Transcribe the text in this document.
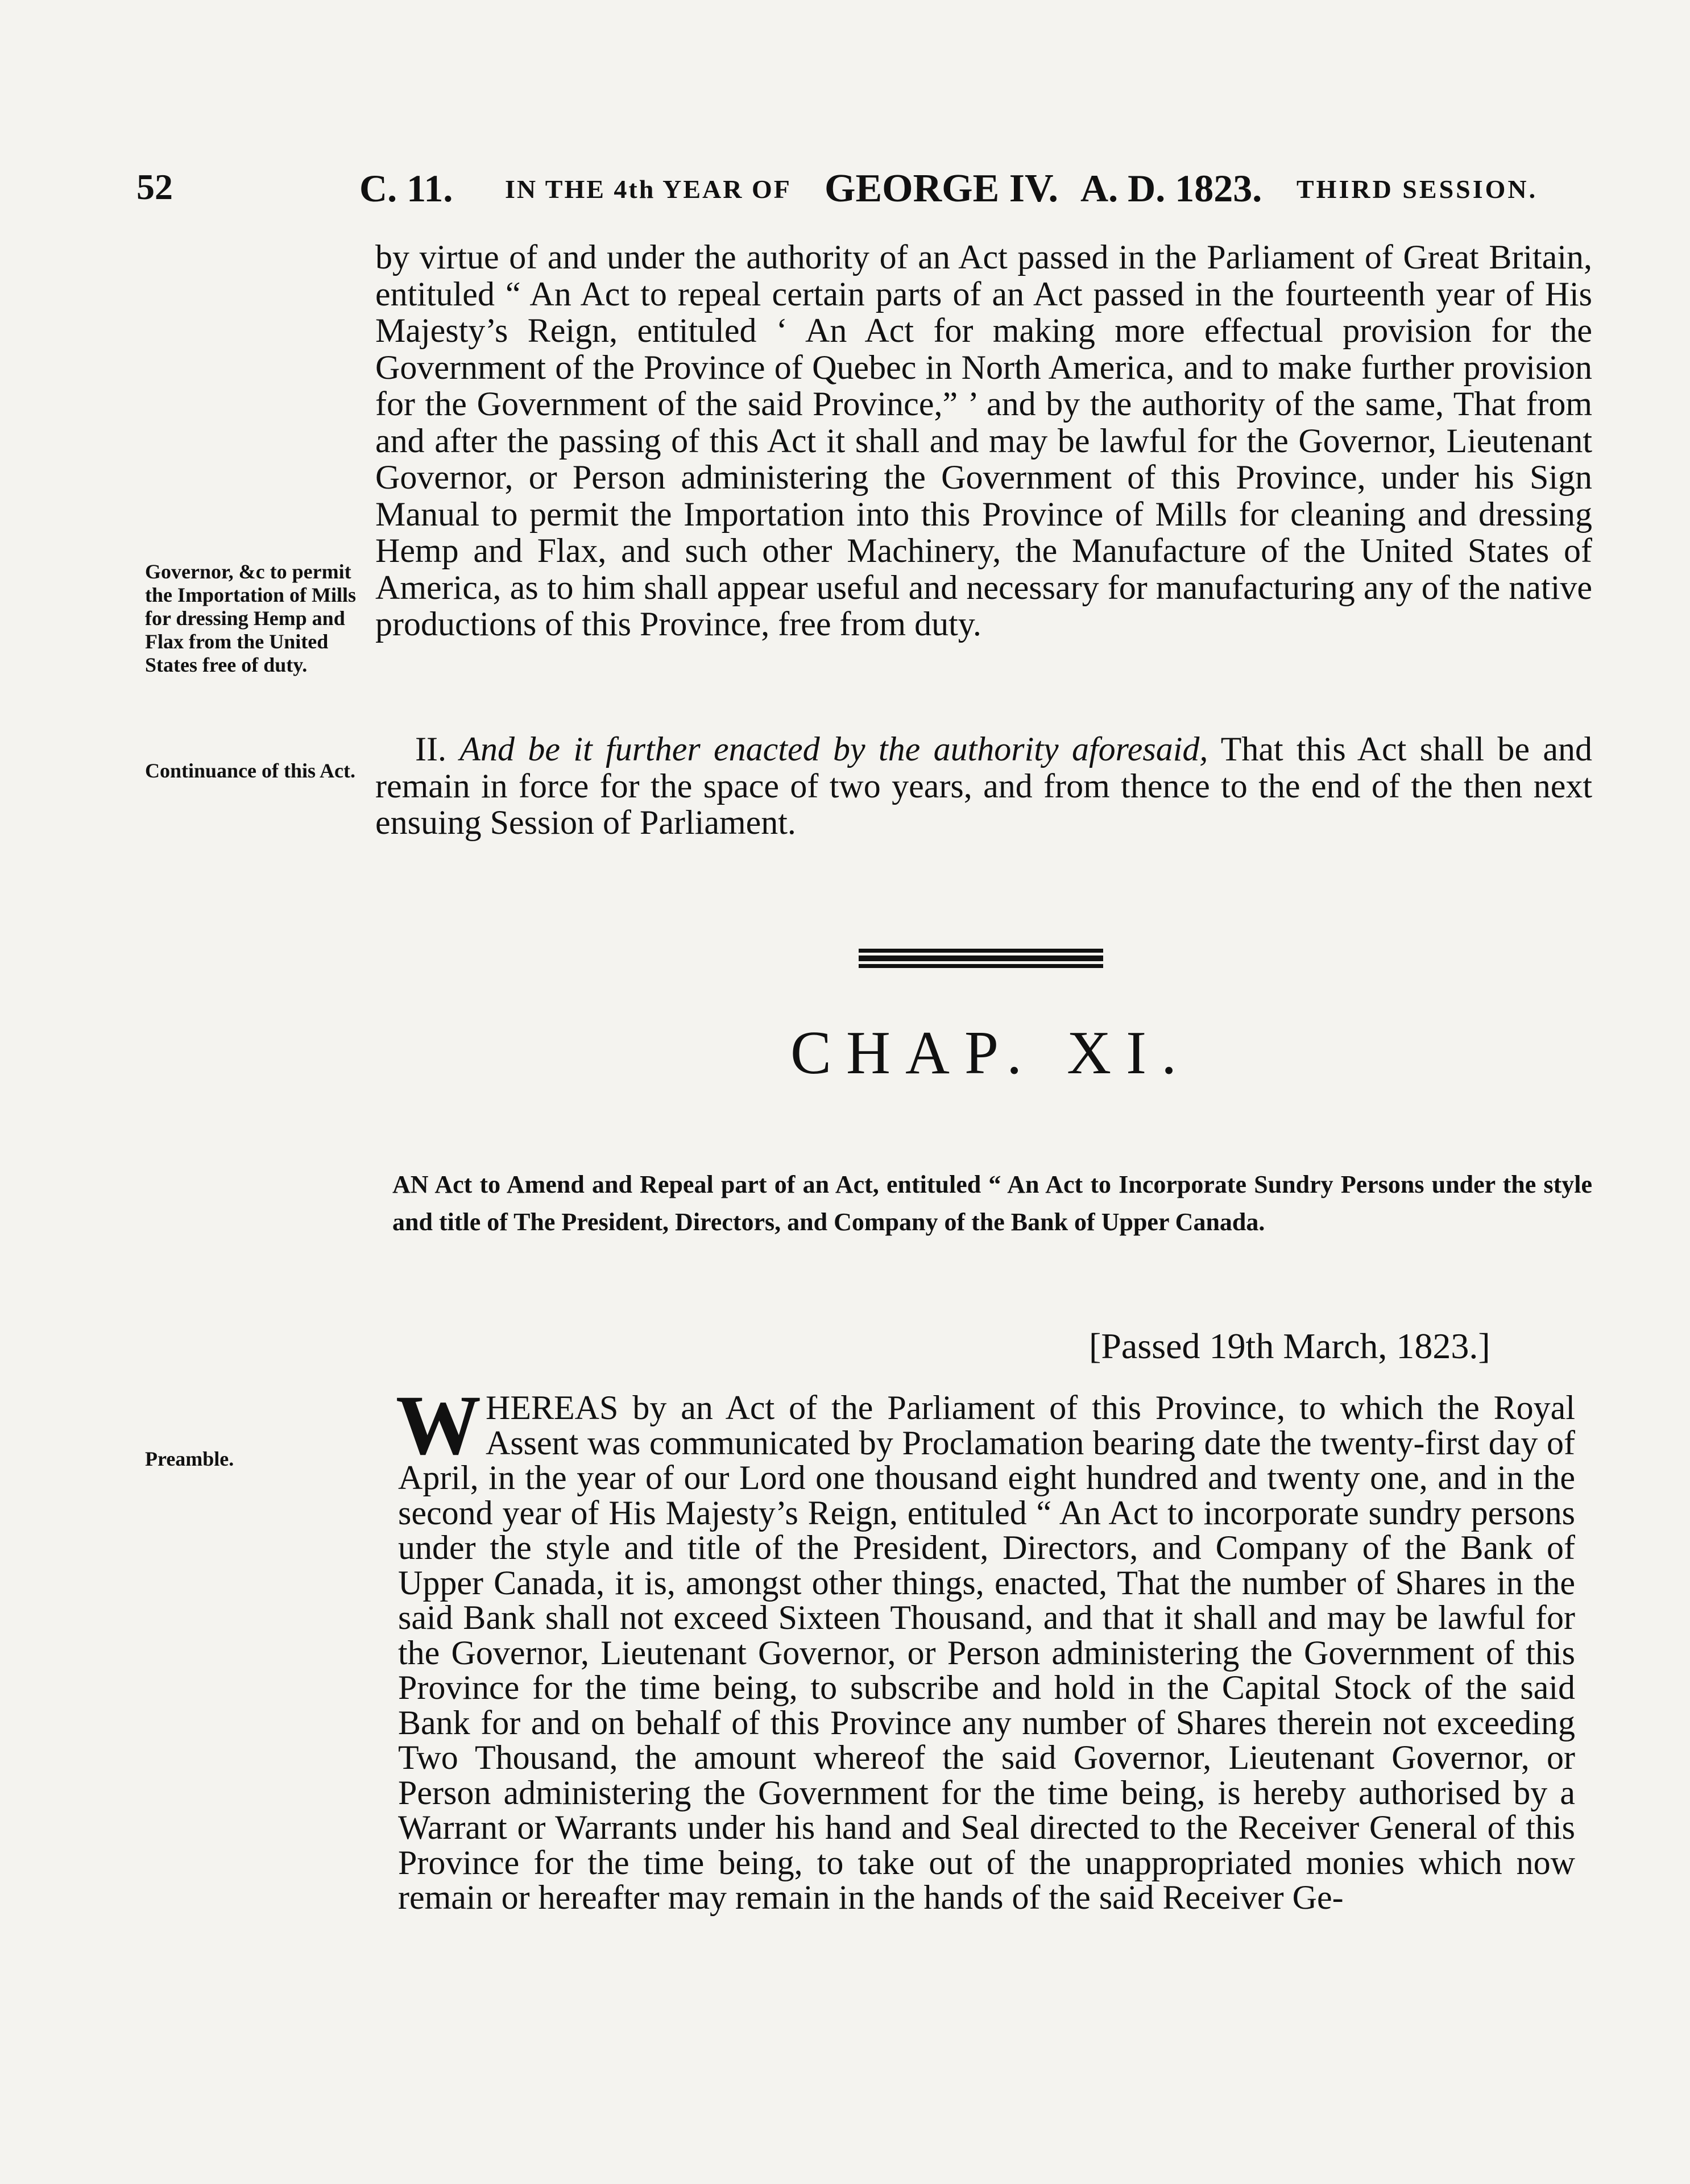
52	C. 11. IN THE 4th YEAR OF GEORGE IV. A. D. 1823. THIRD SESSION.

by virtue of and under the authority of an Act passed in the Parliament of Great Britain, entituled “ An Act to repeal certain parts of an Act passed in the fourteenth year of His Majesty’s Reign, entituled ‘ An Act for making more effectual provision for the Government of the Province of Quebec in North America, and to make further provision for the Government of the said Province,” ’ and by the authority of the same, That from and after the passing of this Act it shall and may be lawful for the Governor, Lieutenant Governor, or Person administering the Government of this Province, under his Sign Manual to permit the Importation into this Province of Mills for cleaning and dressing Hemp and Flax, and such other Machinery, the Manufacture of the United States of America, as to him shall appear useful and necessary for manufacturing any of the native productions of this Province, free from duty.

II. And be it further enacted by the authority aforesaid, That this Act shall be and remain in force for the space of two years, and from thence to the end of the then next ensuing Session of Parliament.

Governor, &c to permit the Importation of Mills for dressing Hemp and Flax from the United States free of duty.
Continuance of this Act.
Preamble.
CHAP. XI.
AN Act to Amend and Repeal part of an Act, entituled “ An Act to Incorporate Sundry Persons under the style and title of The President, Directors, and Company of the Bank of Upper Canada.
[Passed 19th March, 1823.]
W HEREAS by an Act of the Parliament of this Province, to which the Royal Assent was communicated by Proclamation bearing date the twenty-first day of April, in the year of our Lord one thousand eight hundred and twenty one, and in the second year of His Majesty’s Reign, entituled “ An Act to incorporate sundry persons under the style and title of the President, Directors, and Company of the Bank of Upper Canada, it is, amongst other things, enacted, That the number of Shares in the said Bank shall not exceed Sixteen Thousand, and that it shall and may be lawful for the Governor, Lieutenant Governor, or Person administering the Government of this Province for the time being, to subscribe and hold in the Capital Stock of the said Bank for and on behalf of this Province any number of Shares therein not exceeding Two Thousand, the amount whereof the said Governor, Lieutenant Governor, or Person administering the Government for the time being, is hereby authorised by a Warrant or Warrants under his hand and Seal directed to the Receiver General of this Province for the time being, to take out of the unappropriated monies which now remain or hereafter may remain in the hands of the said Receiver Ge-
